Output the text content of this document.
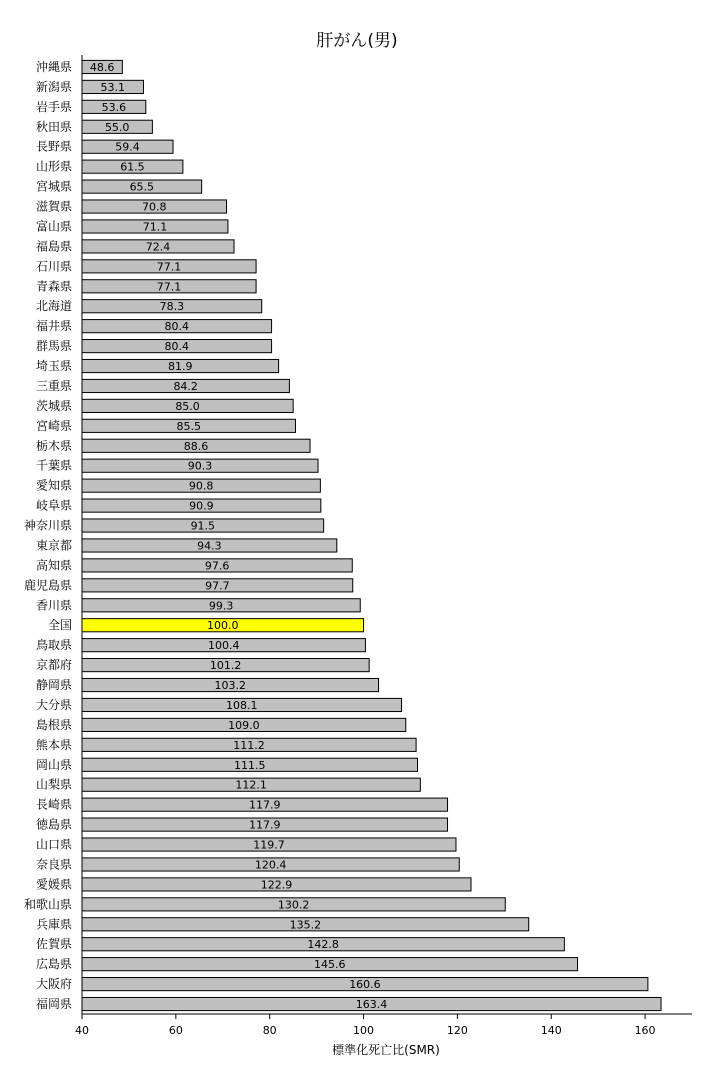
肝がん(男)
沖縄県 48.6
新潟県	53.1
岩手県	53.6
秋田県	55.0
長野県	59.4
山形県	61.5
宮城県	65.5
滋賀県	70.8
富山県	71.1
福島県	72.4
石川県	77.1
青森県	77.1
北海道	78.3
福井県	80.4
群馬県	80.4
埼玉県	81.9
三重県	84.2
茨城県	85.0
宮崎県	85.5
栃木県	88.6
千葉県	90.3
愛知県	90.8
岐阜県	90.9
神奈川県	91.5
東京都	94.3
高知県	97.6
鹿児島県	97.7
香川県	99.3
全国	100.0
鳥取県	100.4
京都府	101.2
静岡県	103.2
大分県	108.1
島根県	109.0
熊本県	111.2
岡山県	111.5
山梨県	112.1
長崎県	117.9
徳島県	117.9
山口県	119.7
奈良県	120.4
愛媛県	122.9
和歌山県	130.2
兵庫県	135.2
佐賀県	142.8
広島県	145.6
大阪府	160.6
福岡県	163.4
40	60	80	100	120	140	160
標準化死亡比(SMR)
